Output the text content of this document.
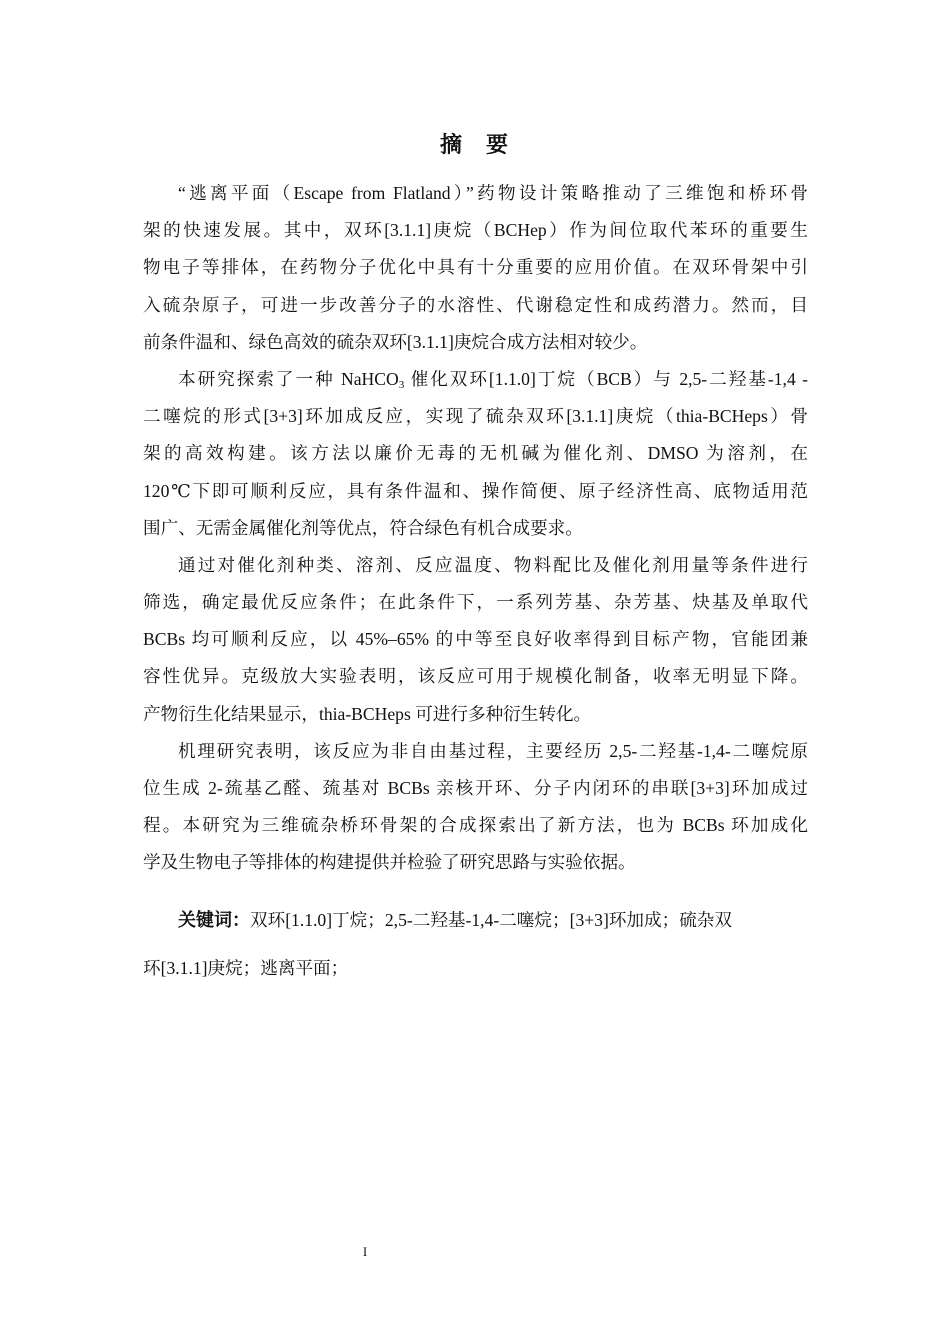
摘 要
“逃离平面（Escape from Flatland）”药物设计策略推动了三维饱和桥环骨
架的快速发展。其中，双环[3.1.1]庚烷（BCHep）作为间位取代苯环的重要生
物电子等排体，在药物分子优化中具有十分重要的应用价值。在双环骨架中引
入硫杂原子，可进一步改善分子的水溶性、代谢稳定性和成药潜力。然而，目
前条件温和、绿色高效的硫杂双环[3.1.1]庚烷合成方法相对较少。
本研究探索了一种 NaHCO$_3$ 催化双环[1.1.0]丁烷（BCB）与 2,5-二羟基-1,4 -
二噻烷的形式[3+3]环加成反应，实现了硫杂双环[3.1.1]庚烷（thia-BCHeps）骨
架的高效构建。该方法以廉价无毒的无机碱为催化剂、DMSO 为溶剂，在
120℃下即可顺利反应，具有条件温和、操作简便、原子经济性高、底物适用范
围广、无需金属催化剂等优点，符合绿色有机合成要求。
通过对催化剂种类、溶剂、反应温度、物料配比及催化剂用量等条件进行
筛选，确定最优反应条件；在此条件下，一系列芳基、杂芳基、炔基及单取代
BCBs 均可顺利反应，以 45%–65% 的中等至良好收率得到目标产物，官能团兼
容性优异。克级放大实验表明，该反应可用于规模化制备，收率无明显下降。
产物衍生化结果显示，thia-BCHeps 可进行多种衍生转化。
机理研究表明，该反应为非自由基过程，主要经历 2,5-二羟基-1,4-二噻烷原
位生成 2-巯基乙醛、巯基对 BCBs 亲核开环、分子内闭环的串联[3+3]环加成过
程。本研究为三维硫杂桥环骨架的合成探索出了新方法，也为 BCBs 环加成化
学及生物电子等排体的构建提供并检验了研究思路与实验依据。
关键词：双环[1.1.0]丁烷；2,5-二羟基-1,4-二噻烷；[3+3]环加成；硫杂双
环[3.1.1]庚烷；逃离平面；
I
